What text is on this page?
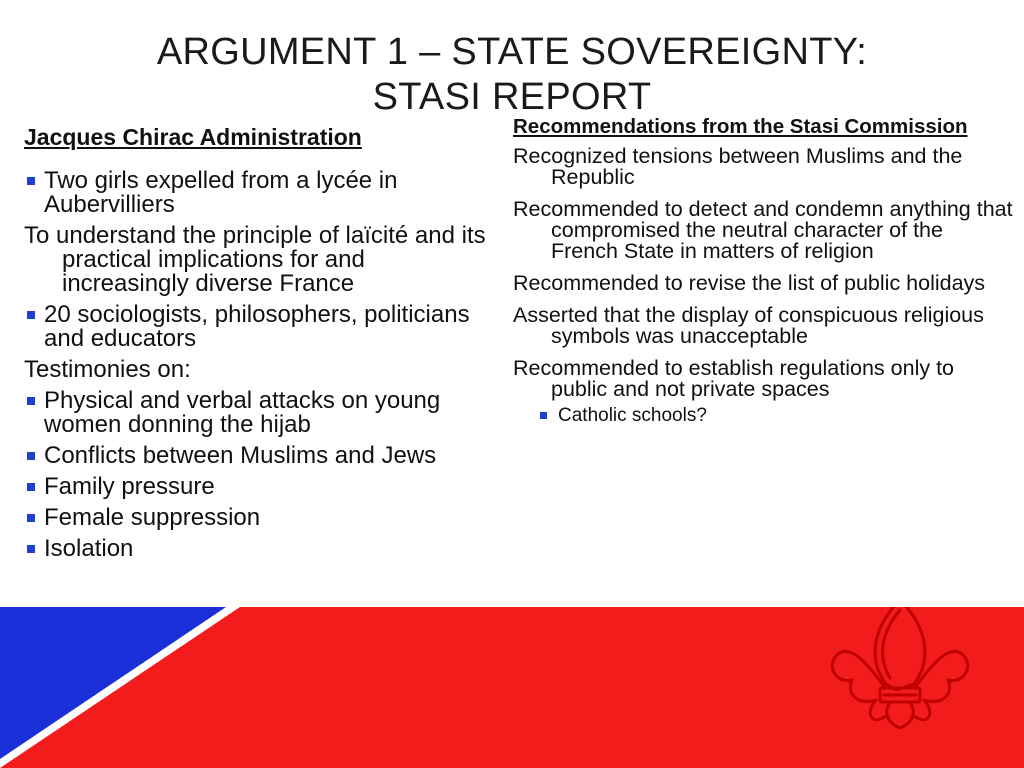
ARGUMENT 1 – STATE SOVEREIGNTY:
STASI REPORT
Jacques Chirac Administration

Two girls expelled from a lycée in Aubervilliers

To understand the principle of laïcité and its practical implications for and increasingly diverse France

20 sociologists, philosophers, politicians and educators

Testimonies on:

Physical and verbal attacks on young women donning the hijab

Conflicts between Muslims and Jews

Family pressure

Female suppression

Isolation

Recommendations from the Stasi Commission

Recognized tensions between Muslims and the Republic

Recommended to detect and condemn anything that compromised the neutral character of the French State in matters of religion

Recommended to revise the list of public holidays

Asserted that the display of conspicuous religious symbols was unacceptable

Recommended to establish regulations only to public and not private spaces

Catholic schools?
